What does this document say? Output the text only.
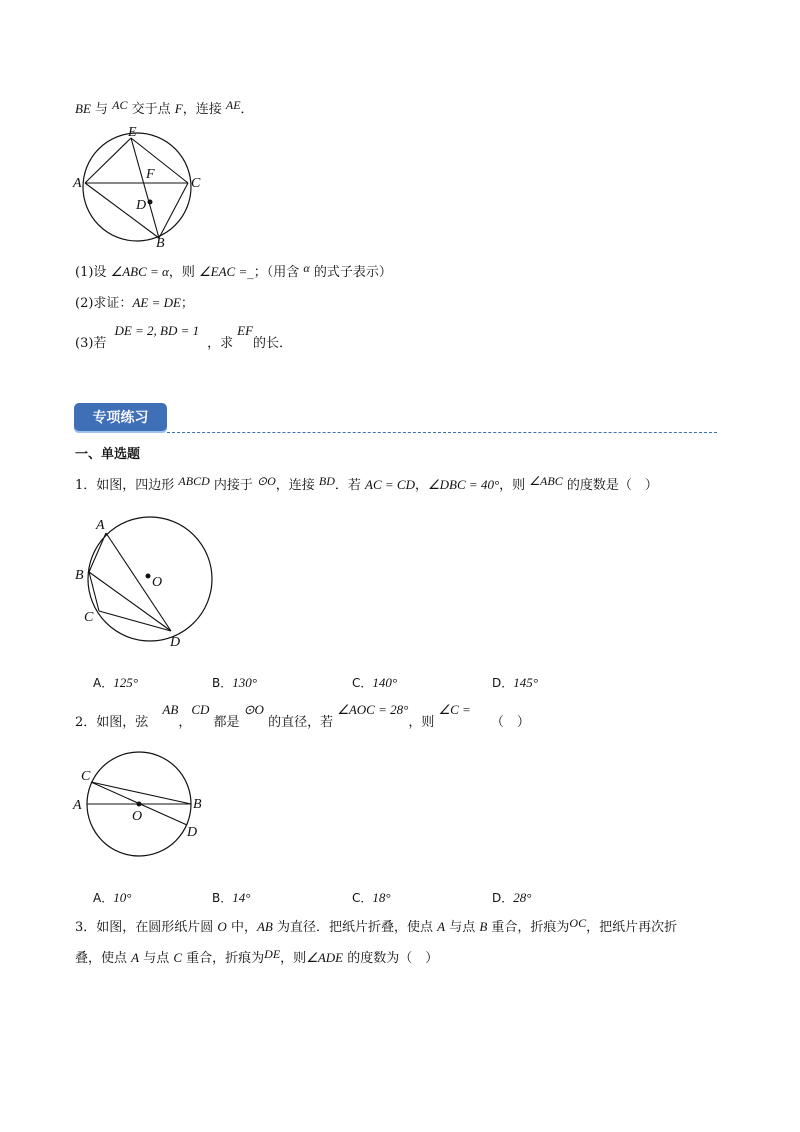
BE 与 AC 交于点 F，连接 AE．
E
A
F
C
D
B
(1)设 ∠ABC = α，则 ∠EAC =_；（用含 α 的式子表示）
(2)求证：AE = DE；
(3)若DE = 2, BD = 1，求EF的长．
专项练习
一、单选题
1．如图，四边形 ABCD 内接于 ⊙O，连接 BD．若 AC = CD，∠DBC = 40°，则 ∠ABC 的度数是（　）
A
B	O
C
D
A．125°	B．130°	C．140°	D．145°
2．如图，弦 AB，CD 都是 ⊙O 的直径，若 ∠AOC = 28°，则 ∠C =（　）
C
A
O
B
D
A．10°	B．14°	C．18°	D．28°
3．如图，在圆形纸片圆 O 中，AB 为直径．把纸片折叠，使点 A 与点 B 重合，折痕为OC，把纸片再次折
叠，使点 A 与点 C 重合，折痕为DE，则∠ADE 的度数为（　）
